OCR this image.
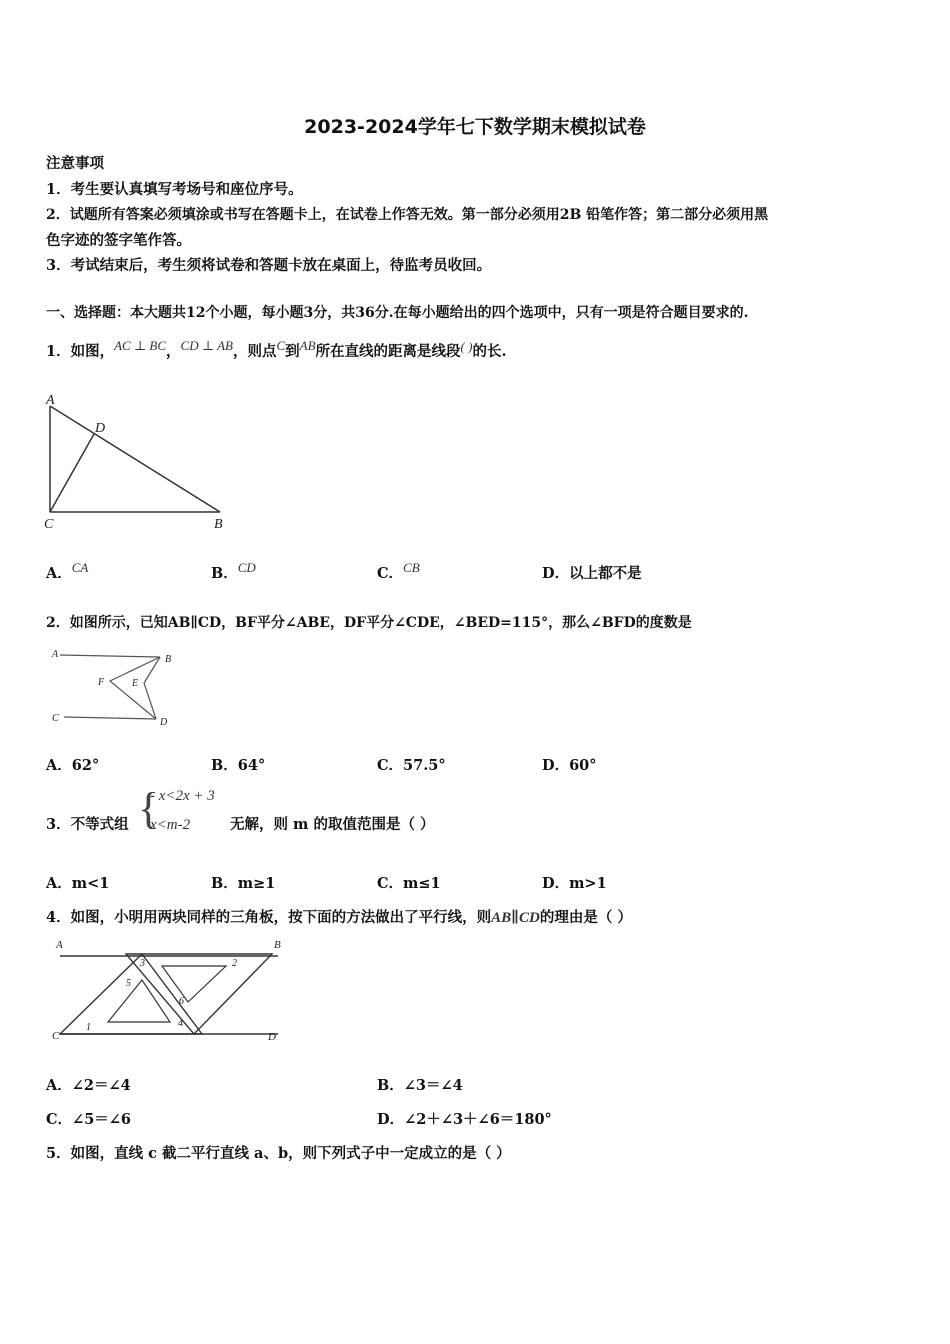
2023-2024学年七下数学期末模拟试卷
注意事项
1．考生要认真填写考场号和座位序号。
2．试题所有答案必须填涂或书写在答题卡上，在试卷上作答无效。第一部分必须用2B 铅笔作答；第二部分必须用黑
色字迹的签字笔作答。
3．考试结束后，考生须将试卷和答题卡放在桌面上，待监考员收回。
一、选择题：本大题共12个小题，每小题3分，共36分.在每小题给出的四个选项中，只有一项是符合题目要求的.
1．如图，AC ⊥ BC，CD ⊥ AB，则点C到AB所在直线的距离是线段( )的长.
A
D
C	B
A．CA	B．CD	C．CB	D．以上都不是
2．如图所示，已知AB∥CD，BF平分∠ABE，DF平分∠CDE，∠BED=115°，那么∠BFD的度数是
A	B
F	E
C	D
A．62°	B．64°	C．57.5°	D．60°
3．不等式组 {
- x<2x + 3
x<m-2	无解，则 m 的取值范围是（ ）
A．m<1	B．m≥1	C．m≤1	D．m>1
4．如图，小明用两块同样的三角板，按下面的方法做出了平行线，则AB∥CD的理由是（ ）
A	B
C	D
1
2
3
4
5
6
A．∠2＝∠4	B．∠3＝∠4
C．∠5＝∠6	D．∠2＋∠3＋∠6＝180°
5．如图，直线 c 截二平行直线 a、b，则下列式子中一定成立的是（ ）
